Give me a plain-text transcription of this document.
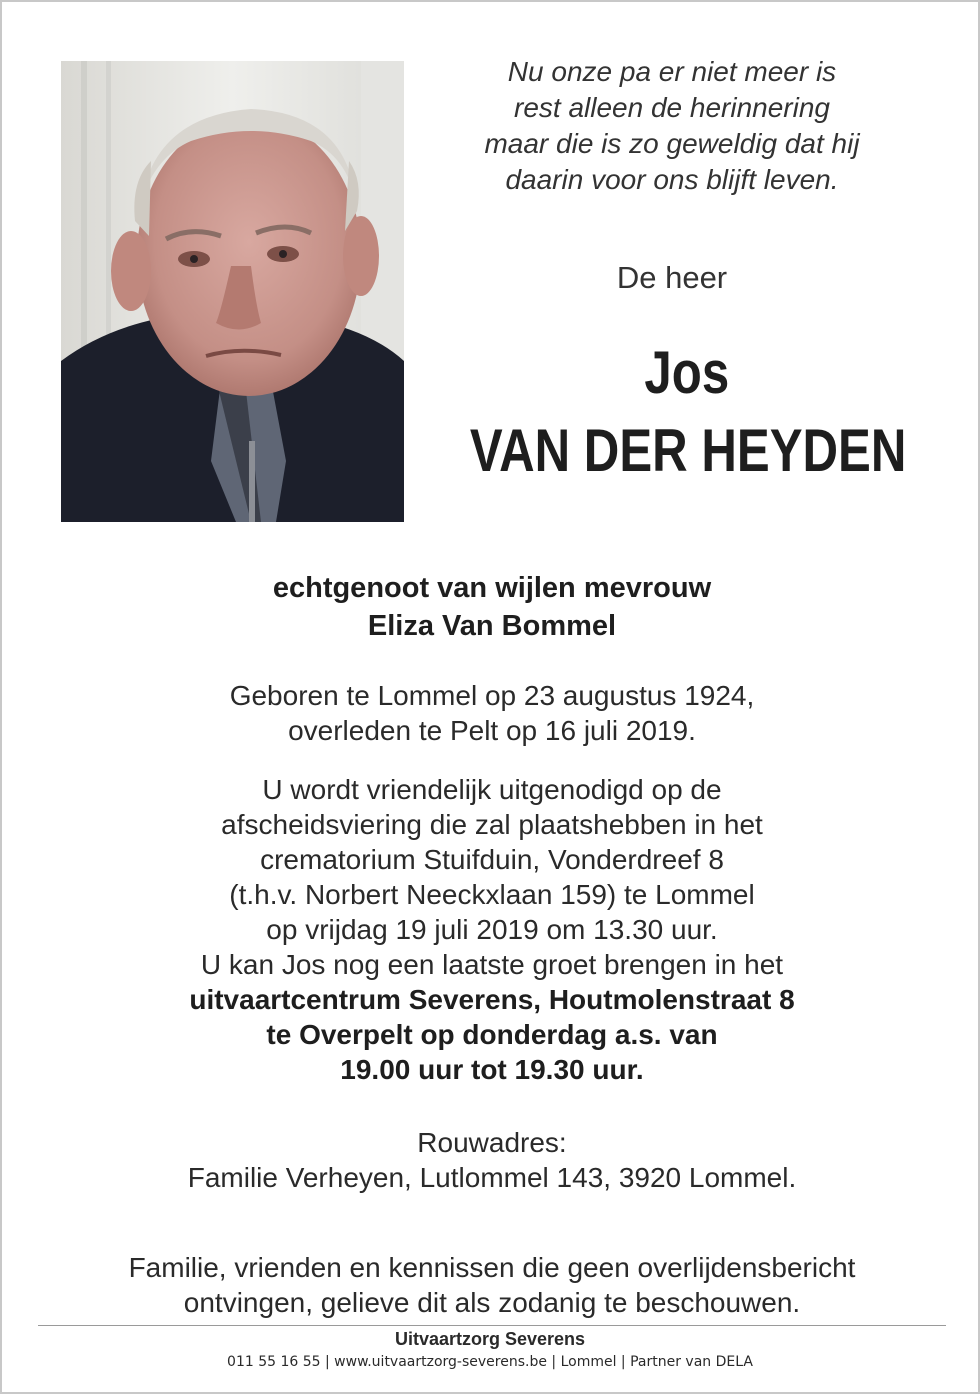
Nu onze pa er niet meer is
rest alleen de herinnering
maar die is zo geweldig dat hij
daarin voor ons blijft leven.
De heer
Jos
VAN DER HEYDEN
echtgenoot van wijlen mevrouw
Eliza Van Bommel
Geboren te Lommel op 23 augustus 1924,
overleden te Pelt op 16 juli 2019.
U wordt vriendelijk uitgenodigd op de
afscheidsviering die zal plaatshebben in het
crematorium Stuifduin, Vonderdreef 8
(t.h.v. Norbert Neeckxlaan 159) te Lommel
op vrijdag 19 juli 2019 om 13.30 uur.
U kan Jos nog een laatste groet brengen in het
uitvaartcentrum Severens, Houtmolenstraat 8
te Overpelt op donderdag a.s. van
19.00 uur tot 19.30 uur.
Rouwadres:
Familie Verheyen, Lutlommel 143, 3920 Lommel.
Familie, vrienden en kennissen die geen overlijdensbericht
ontvingen, gelieve dit als zodanig te beschouwen.
Uitvaartzorg Severens
011 55 16 55 | www.uitvaartzorg-severens.be | Lommel | Partner van DELA
